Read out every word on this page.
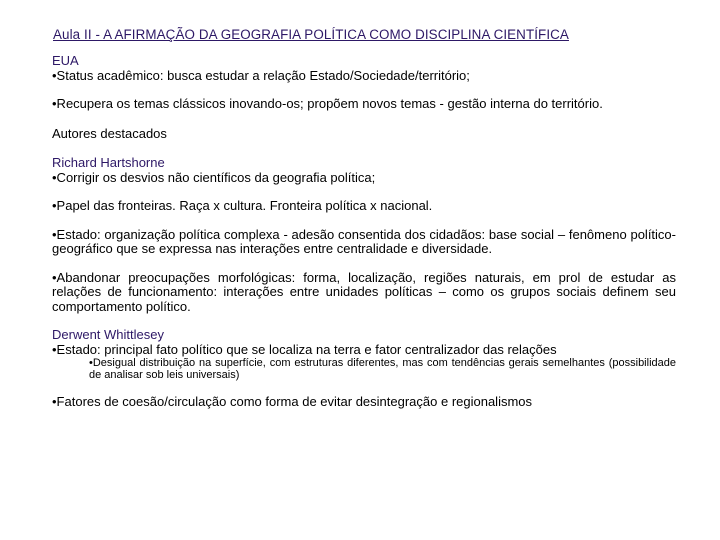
Aula II - A AFIRMAÇÃO DA GEOGRAFIA POLÍTICA COMO DISCIPLINA CIENTÍFICA

EUA

•Status acadêmico: busca estudar a relação Estado/Sociedade/território;

•Recupera os temas clássicos inovando-os; propõem novos temas - gestão interna do território.

Autores destacados

Richard Hartshorne

•Corrigir os desvios não científicos da geografia política;

•Papel das fronteiras. Raça x cultura. Fronteira política x nacional.

•Estado: organização política complexa - adesão consentida dos cidadãos: base social – fenômeno político-geográfico que se expressa nas interações entre centralidade e diversidade.

•Abandonar preocupações morfológicas: forma, localização, regiões naturais, em prol de estudar as relações de funcionamento: interações entre unidades políticas – como os grupos sociais definem seu comportamento político.

Derwent Whittlesey

•Estado: principal fato político que se localiza na terra e fator centralizador das relações

•Desigual distribuição na superfície, com estruturas diferentes, mas com tendências gerais semelhantes (possibilidade de analisar sob leis universais)

•Fatores de coesão/circulação como forma de evitar desintegração e regionalismos
